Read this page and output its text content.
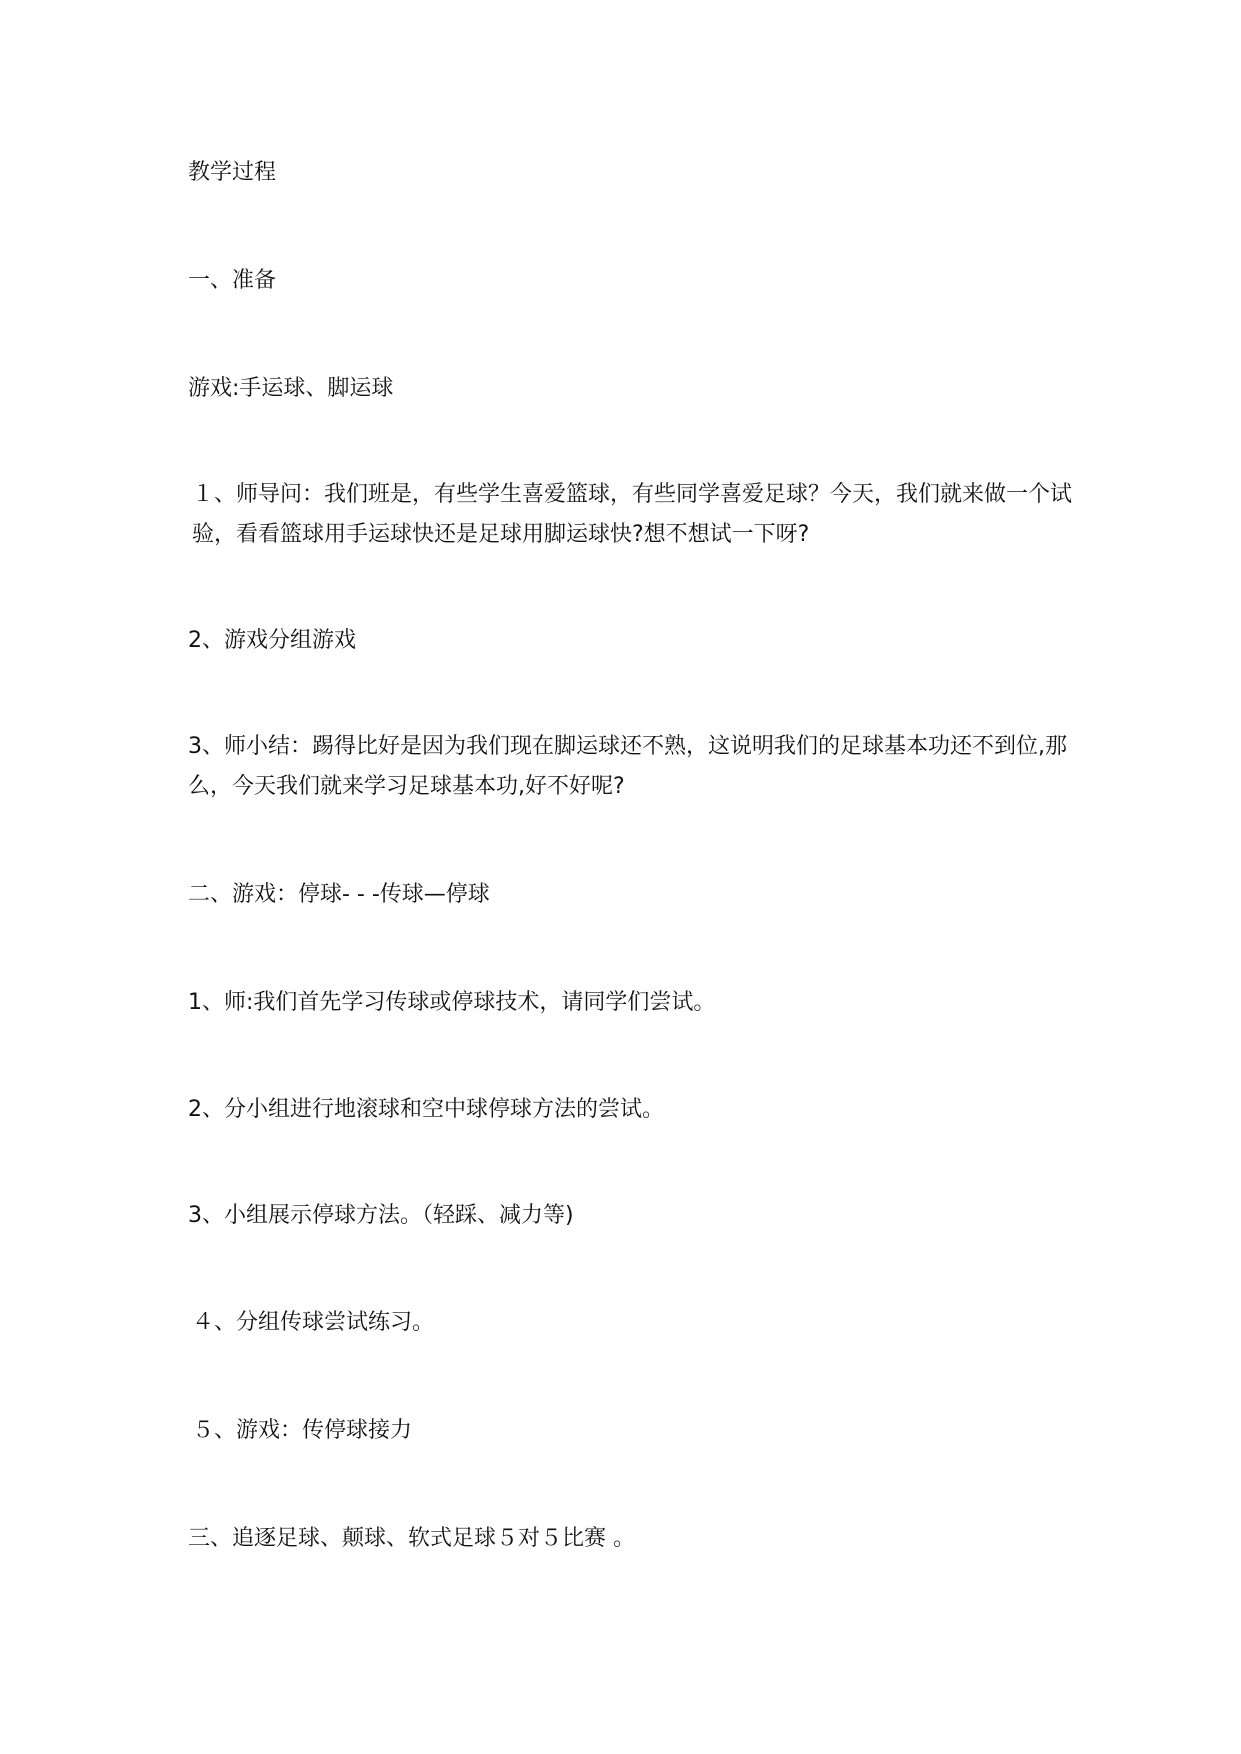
教学过程

一、准备

游戏:手运球、脚运球

１、师导问：我们班是，有些学生喜爱篮球，有些同学喜爱足球？今天，我们就来做一个试验，看看篮球用手运球快还是足球用脚运球快?想不想试一下呀?

2、游戏分组游戏

3、师小结：踢得比好是因为我们现在脚运球还不熟，这说明我们的足球基本功还不到位,那么，今天我们就来学习足球基本功,好不好呢?

二、游戏：停球- - -传球—停球

1、师:我们首先学习传球或停球技术，请同学们尝试。

2、分小组进行地滚球和空中球停球方法的尝试。

3、小组展示停球方法。（轻踩、减力等)

４、分组传球尝试练习。

５、游戏：传停球接力

三、追逐足球、颠球、软式足球５对５比赛 。
